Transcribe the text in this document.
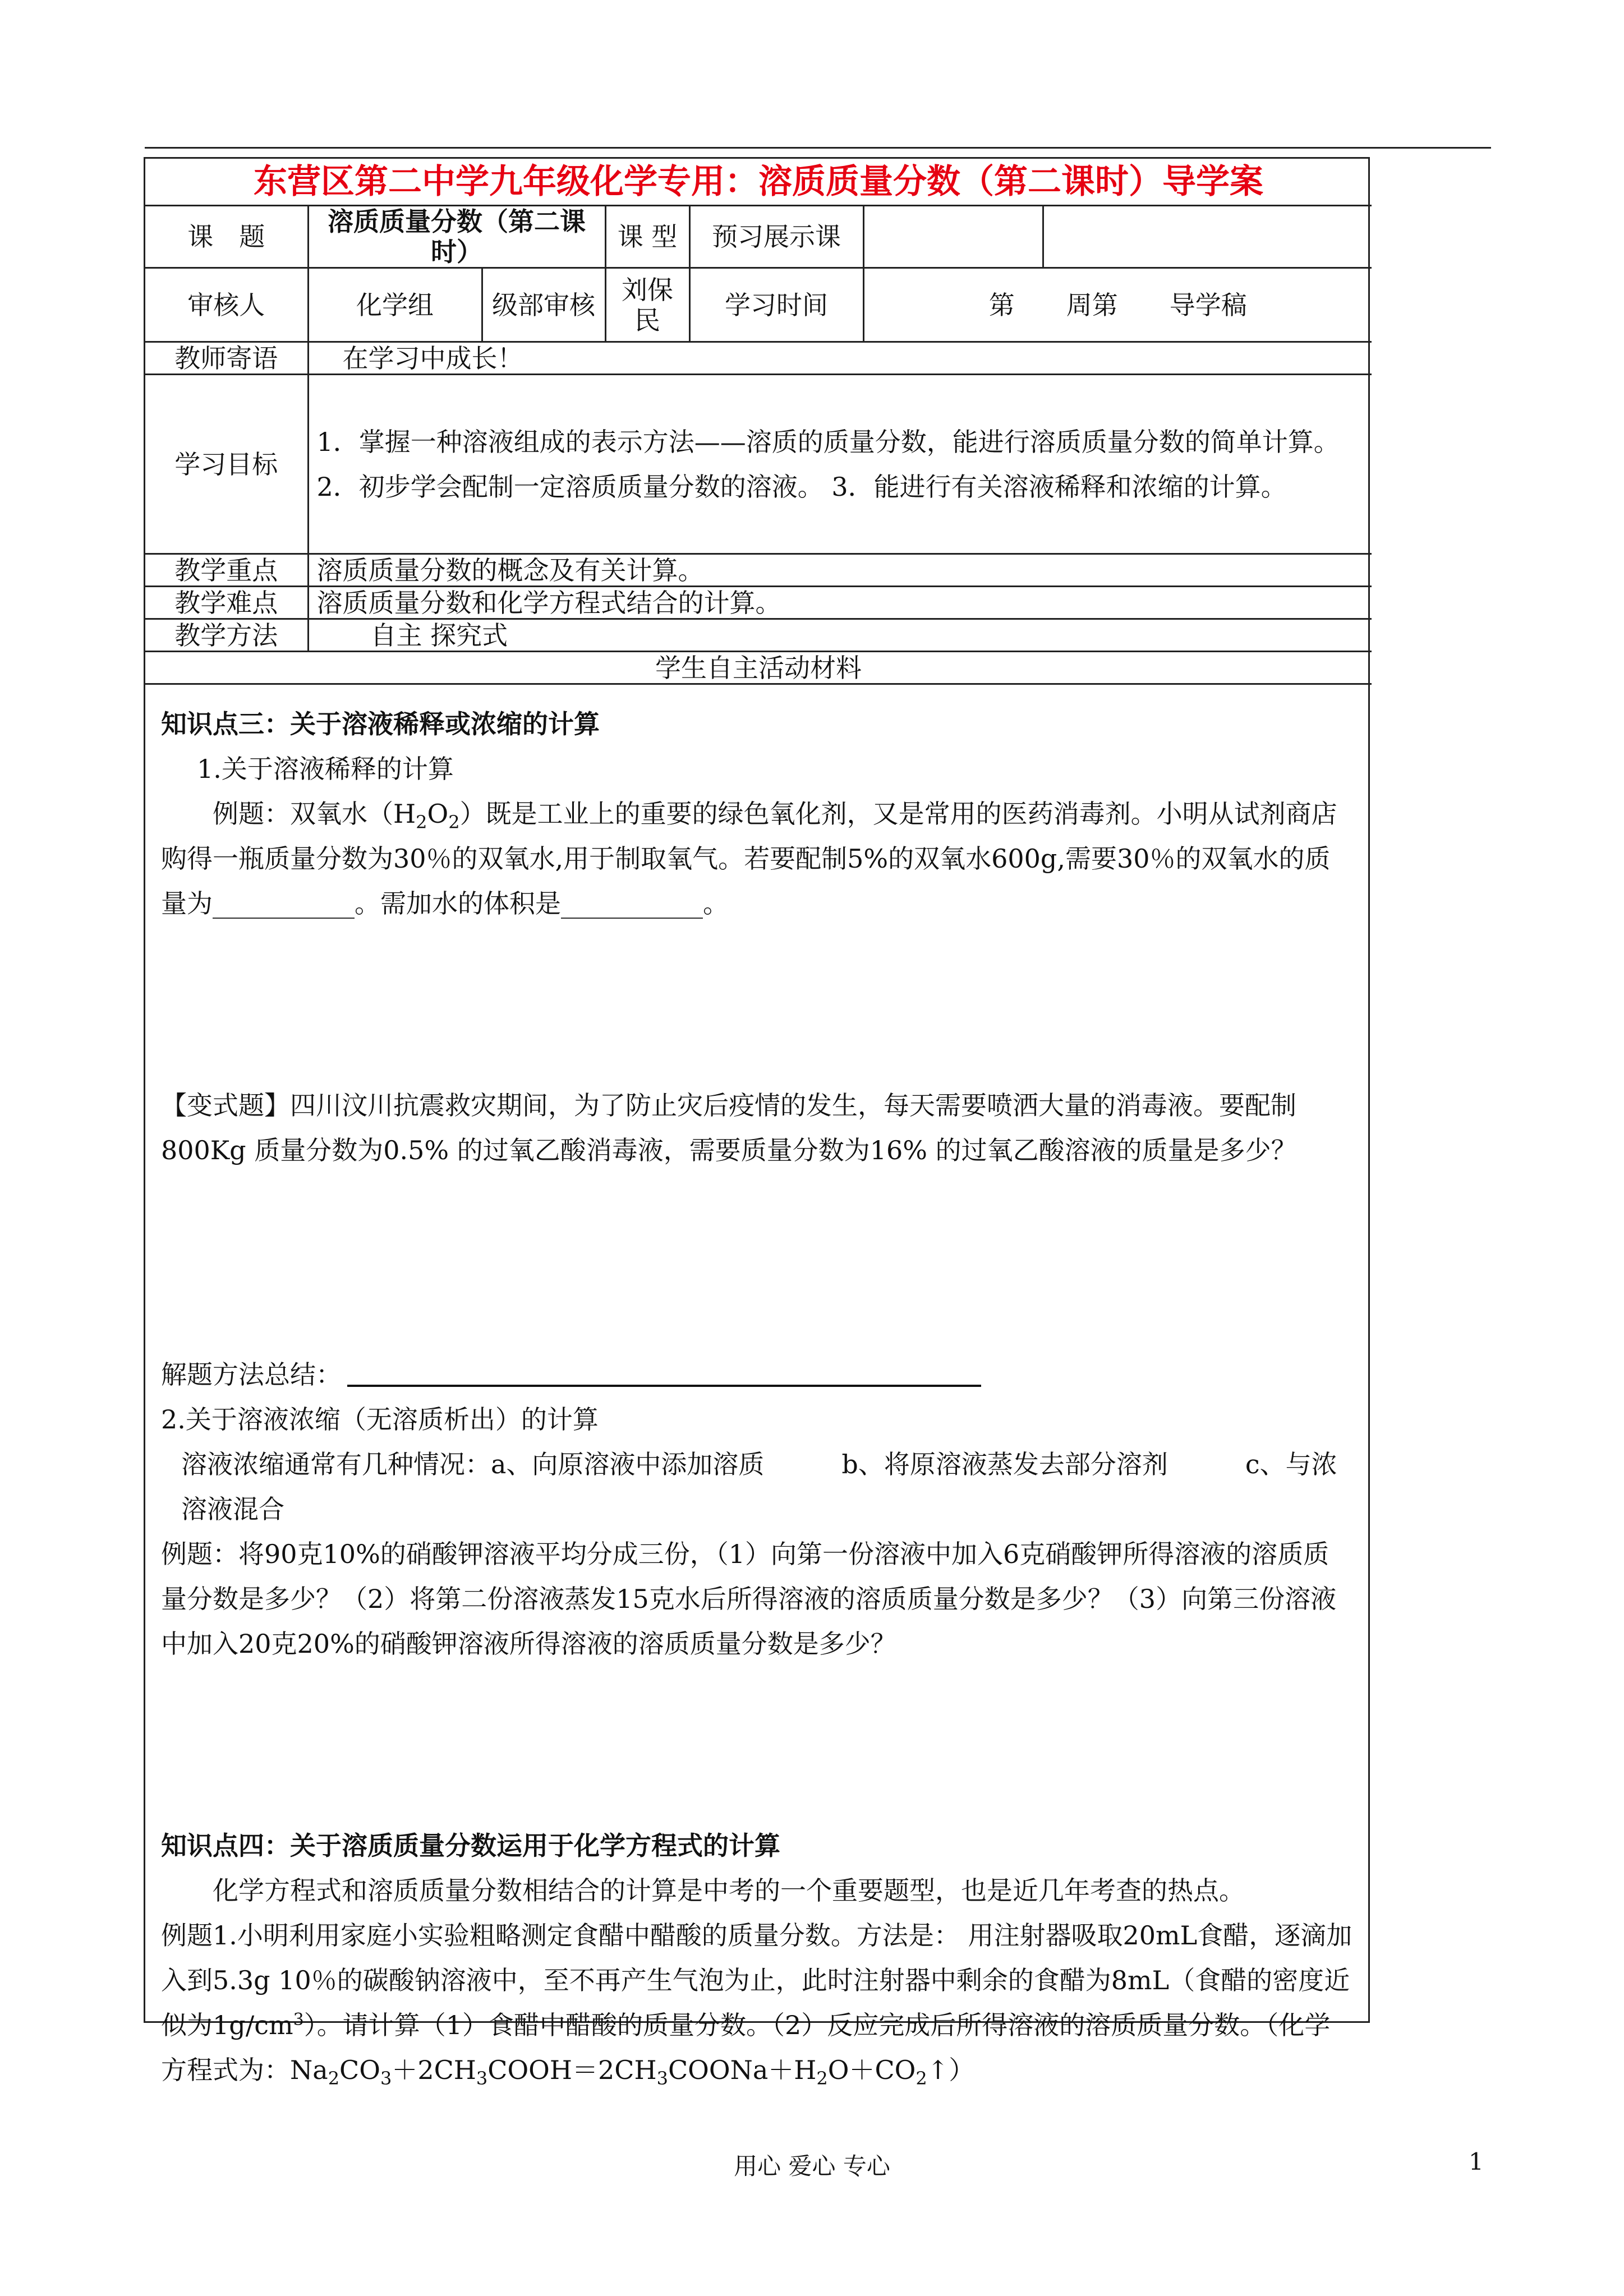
东营区第二中学九年级化学专用：溶质质量分数（第二课时）导学案						
课　题	溶质质量分数（第二课时）		课 型	预习展示课		
审核人	化学组	级部审核	刘保民	学习时间	第　　周第　　导学稿	
教师寄语	在学习中成长！					
学习目标	1．掌握一种溶液组成的表示方法——溶质的质量分数，能进行溶质质量分数的简单计算。
2．初步学会配制一定溶质质量分数的溶液。 3．能进行有关溶液稀释和浓缩的计算。					

教学重点	溶质质量分数的概念及有关计算。					
教学难点	溶质质量分数和化学方程式结合的计算。					
教学方法	自主 探究式					
学生自主活动材料						

知识点三：关于溶液稀释或浓缩的计算

1.关于溶液稀释的计算

例题：双氧水$(H_2O_2)$既是工业上的重要的绿色氧化剂，又是常用的医药消毒剂。小明从试剂商店购得一瓶质量分数为30％的双氧水,用于制取氧气。若要配制5%的双氧水600g,需要30％的双氧水的质量为___________。需加水的体积是___________。

【变式题】四川汶川抗震救灾期间，为了防止灾后疫情的发生，每天需要喷洒大量的消毒液。要配制 800Kg 质量分数为0.5% 的过氧乙酸消毒液，需要质量分数为16% 的过氧乙酸溶液的质量是多少？

解题方法总结：

2.关于溶液浓缩（无溶质析出）的计算

溶液浓缩通常有几种情况：a、向原溶液中添加溶质　　　b、将原溶液蒸发去部分溶剂　　　c、与浓溶液混合

例题：将90克10%的硝酸钾溶液平均分成三份，（1）向第一份溶液中加入6克硝酸钾所得溶液的溶质质量分数是多少？（2）将第二份溶液蒸发15克水后所得溶液的溶质质量分数是多少？（3）向第三份溶液中加入20克20%的硝酸钾溶液所得溶液的溶质质量分数是多少？

知识点四：关于溶质质量分数运用于化学方程式的计算

化学方程式和溶质质量分数相结合的计算是中考的一个重要题型，也是近几年考查的热点。

例题1.小明利用家庭小实验粗略测定食醋中醋酸的质量分数。方法是： 用注射器吸取20mL食醋，逐滴加入到5.3g 10％的碳酸钠溶液中，至不再产生气泡为止，此时注射器中剩余的食醋为8mL（食醋的密度近似为$1g/cm^3$）。请计算（1）食醋中醋酸的质量分数。（2）反应完成后所得溶液的溶质质量分数。（化学方程式为：$Na_2CO_3+2CH_3COOH=2CH_3COONa+H_2O+CO_2↑$）

用心 爱心 专心	1
